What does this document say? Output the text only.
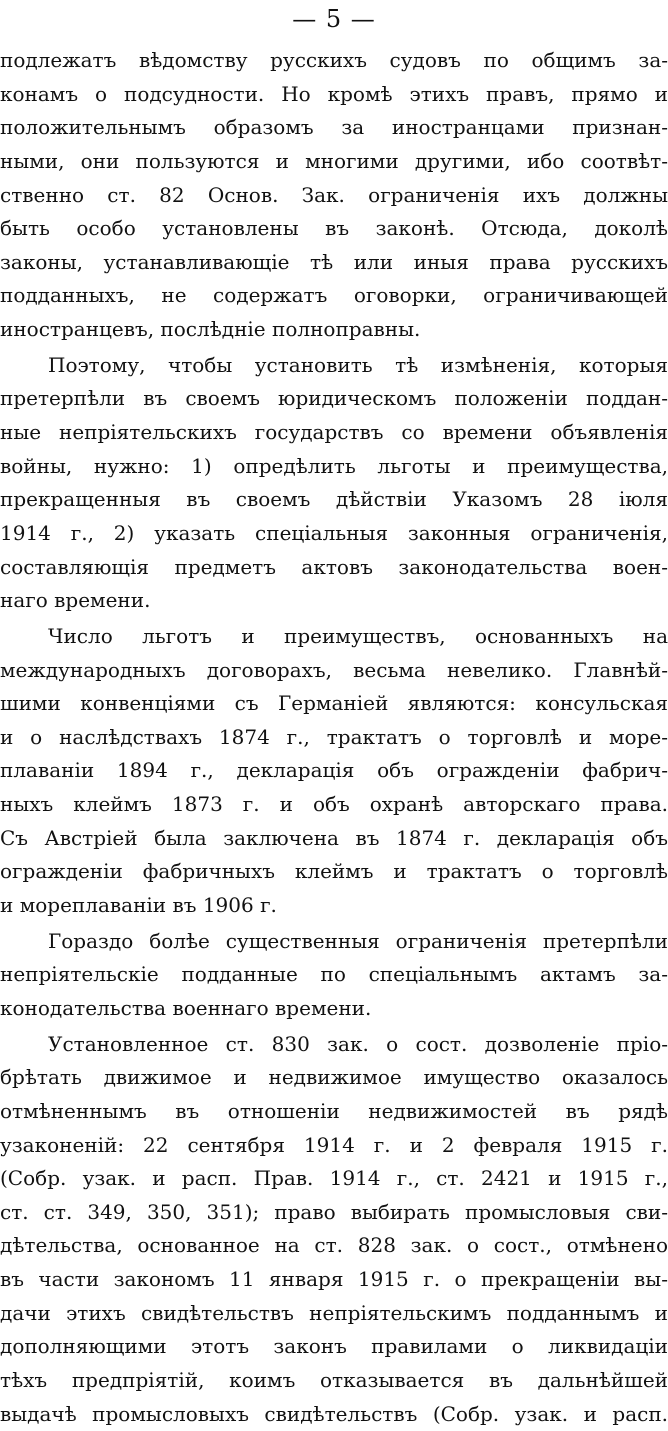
— 5 —
подлежатъ вѣдомству русскихъ судовъ по общимъ за-
конамъ о подсудности. Но кромѣ этихъ правъ, прямо и
положительнымъ образомъ за иностранцами признан-
ными, они пользуются и многими другими, ибо соотвѣт-
ственно ст. 82 Основ. Зак. ограниченія ихъ должны
быть особо установлены въ законѣ. Отсюда, доколѣ
законы, устанавливающіе тѣ или иныя права русскихъ
подданныхъ, не содержатъ оговорки, ограничивающей
иностранцевъ, послѣдніе полноправны.
Поэтому, чтобы установить тѣ измѣненія, которыя
претерпѣли въ своемъ юридическомъ положеніи поддан-
ные непріятельскихъ государствъ со времени объявленія
войны, нужно: 1) опредѣлить льготы и преимущества,
прекращенныя въ своемъ дѣйствіи Указомъ 28 іюля
1914 г., 2) указать спеціальныя законныя ограниченія,
составляющія предметъ актовъ законодательства воен-
наго времени.
Число льготъ и преимуществъ, основанныхъ на
международныхъ договорахъ, весьма невелико. Главнѣй-
шими конвенціями съ Германіей являются: консульская
и о наслѣдствахъ 1874 г., трактатъ о торговлѣ и море-
плаваніи 1894 г., декларація объ огражденіи фабрич-
ныхъ клеймъ 1873 г. и объ охранѣ авторскаго права.
Съ Австріей была заключена въ 1874 г. декларація объ
огражденіи фабричныхъ клеймъ и трактатъ о торговлѣ
и мореплаваніи въ 1906 г.
Гораздо болѣе существенныя ограниченія претерпѣли
непріятельскіе подданные по спеціальнымъ актамъ за-
конодательства военнаго времени.
Установленное ст. 830 зак. о сост. дозволеніе пріо-
брѣтать движимое и недвижимое имущество оказалось
отмѣненнымъ въ отношеніи недвижимостей въ рядѣ
узаконеній: 22 сентября 1914 г. и 2 февраля 1915 г.
(Собр. узак. и расп. Прав. 1914 г., ст. 2421 и 1915 г.,
ст. ст. 349, 350, 351); право выбирать промысловыя сви-
дѣтельства, основанное на ст. 828 зак. о сост., отмѣнено
въ части закономъ 11 января 1915 г. о прекращеніи вы-
дачи этихъ свидѣтельствъ непріятельскимъ подданнымъ и
дополняющими этотъ законъ правилами о ликвидаціи
тѣхъ предпріятій, коимъ отказывается въ дальнѣйшей
выдачѣ промысловыхъ свидѣтельствъ (Собр. узак. и расп.
